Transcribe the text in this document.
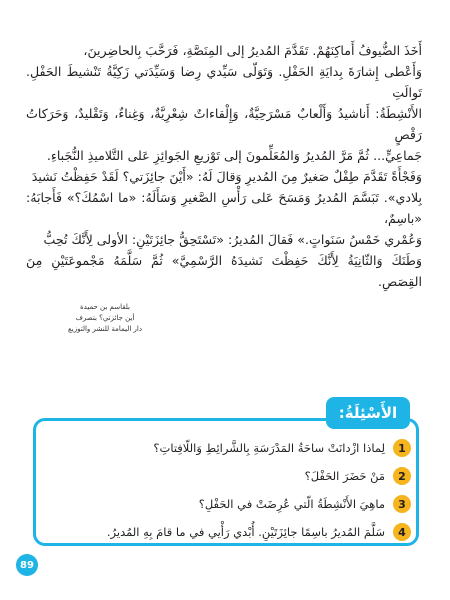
أَخَذَ الضُّيوفُ أَماكِنَهُمْ. تَقَدَّمَ المُديرُ إلى المِنَصَّةِ، فَرَحَّبَ بِالحاضِرينَ،

وَأَعْطى إِشارَةَ بِدايَةِ الحَفْلِ. وَتَوَلّى سَيِّدي رِضا وَسَيِّدَتي زَكِيَّةُ تَنْشيطَ الحَفْلِ. تَوالَتِ

الأَنْشِطَةُ: أَناشيدُ وَأَلْعابٌ مَسْرَحِيَّةٌ، وَإِلْقاءاتٌ شِعْرِيَّةٌ، وَغِناءٌ، وَتَقْليدٌ، وَحَرَكاتُ رَقْصٍ

جَماعِيٍّ... ثُمَّ مَرَّ المُديرُ وَالمُعَلِّمونَ إلى تَوْزيعِ الجَوائِزِ عَلى التَّلاميذِ النُّجَباءِ.

وَفَجْأَةً تَقَدَّمَ طِفْلٌ صَغيرٌ مِنَ المُديرِ وَقالَ لَهُ: «أَيْنَ جائِزَتي؟ لَقَدْ حَفِظْتُ نَشيدَ

بِلادي». تَبَسَّمَ المُديرُ وَمَسَحَ عَلى رَأْسِ الصَّغيرِ وَسَأَلَهُ: «ما اسْمُكَ؟» فَأَجابَهُ: «باسِمٌ،

وَعُمْري خَمْسُ سَنَواتٍ.» فَقالَ المُديرُ: «تَسْتَحِقُّ جائِزَتَيْنِ: الأولى لِأَنَّكَ تُحِبُّ

وَطَنَكَ وَالثّانِيَةُ لِأَنَّكَ حَفِظْتَ نَشيدَهُ الرَّسْمِيَّ» ثُمَّ سَلَّمَهُ مَجْموعَتَيْنِ مِنَ القِصَصِ.

بلقاسم بن حميدة
أين جائزتي؟ بتصرف
دار اليمامة للنشر والتوزيع
الأَسْئِلَةُ:
1
لِماذا ازْدانَتْ ساحَةُ المَدْرَسَةِ بِالشَّرائِطِ وَاللّافِتاتِ؟
2
مَنْ حَضَرَ الحَفْلَ؟
3
ماهِيَ الأَنْشِطَةُ الّتي عُرِضَتْ في الحَفْلِ؟
4
سَلَّمَ المُديرُ باسِمًا جائِزَتَيْنِ. أُبْدي رَأْيي في ما قامَ بِهِ المُديرُ.
89
